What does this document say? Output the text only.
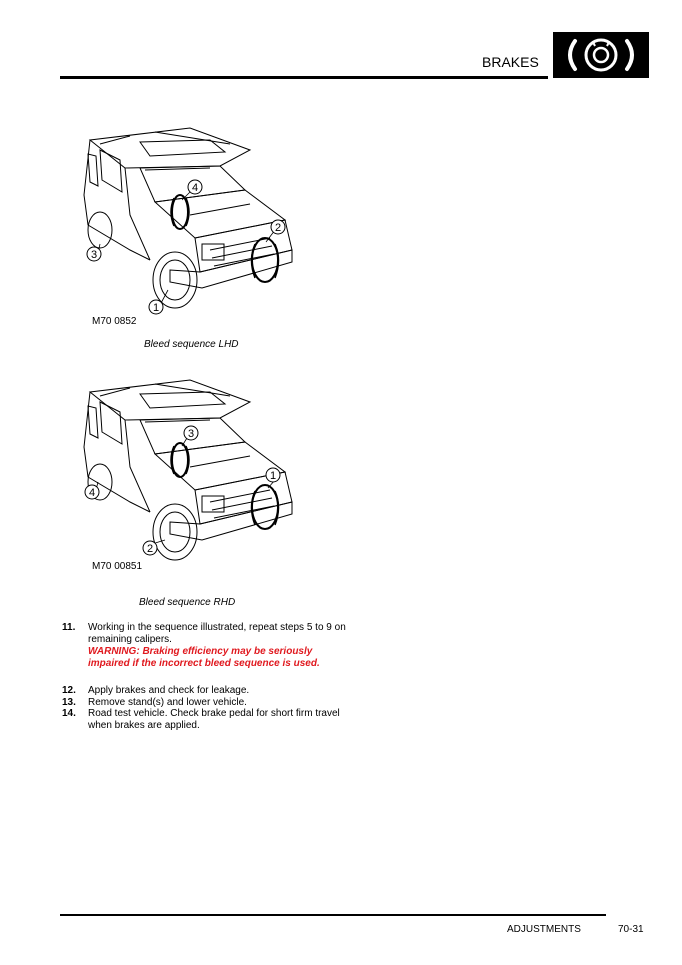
BRAKES
4
2
3
1
M70 0852
Bleed sequence LHD
3
1
4
2
M70 00851
Bleed sequence RHD
11.	Working in the sequence illustrated, repeat steps 5 to 9 on remaining calipers.
WARNING: Braking efficiency may be seriously impaired if the incorrect bleed sequence is used.
12.	Apply brakes and check for leakage.
13.	Remove stand(s) and lower vehicle.
14.	Road test vehicle. Check brake pedal for short firm travel when brakes are applied.
ADJUSTMENTS	70-31
